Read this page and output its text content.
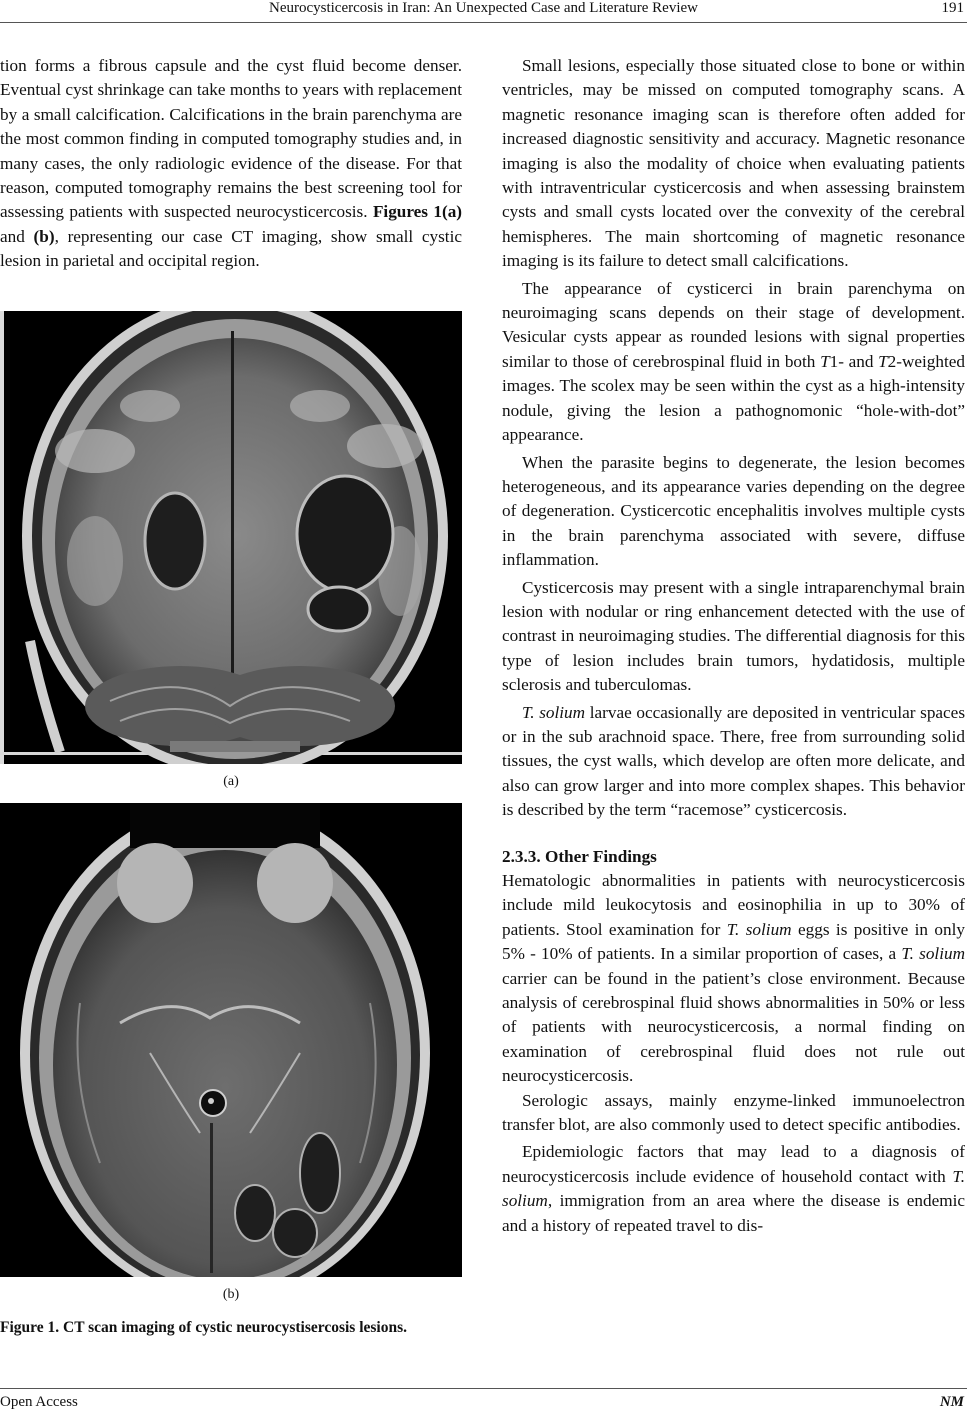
Neurocysticercosis in Iran: An Unexpected Case and Literature Review	191

tion forms a fibrous capsule and the cyst fluid become denser. Eventual cyst shrinkage can take months to years with replacement by a small calcification. Calcifications in the brain parenchyma are the most common finding in computed tomography studies and, in many cases, the only radiologic evidence of the disease. For that reason, computed tomography remains the best screening tool for assessing patients with suspected neurocysticercosis. Figures 1(a) and (b), representing our case CT imaging, show small cystic lesion in parietal and occipital region.

(a)
(b)
Figure 1. CT scan imaging of cystic neurocystisercosis lesions.

Small lesions, especially those situated close to bone or within ventricles, may be missed on computed tomography scans. A magnetic resonance imaging scan is therefore often added for increased diagnostic sensitivity and accuracy. Magnetic resonance imaging is also the modality of choice when evaluating patients with intraventricular cysticercosis and when assessing brainstem cysts and small cysts located over the convexity of the cerebral hemispheres. The main shortcoming of magnetic resonance imaging is its failure to detect small calcifications.

The appearance of cysticerci in brain parenchyma on neuroimaging scans depends on their stage of development. Vesicular cysts appear as rounded lesions with signal properties similar to those of cerebrospinal fluid in both T1- and T2-weighted images. The scolex may be seen within the cyst as a high-intensity nodule, giving the lesion a pathognomonic “hole-with-dot” appearance.

When the parasite begins to degenerate, the lesion becomes heterogeneous, and its appearance varies depending on the degree of degeneration. Cysticercotic encephalitis involves multiple cysts in the brain parenchyma associated with severe, diffuse inflammation.

Cysticercosis may present with a single intraparenchymal brain lesion with nodular or ring enhancement detected with the use of contrast in neuroimaging studies. The differential diagnosis for this type of lesion includes brain tumors, hydatidosis, multiple sclerosis and tuberculomas.

T. solium larvae occasionally are deposited in ventricular spaces or in the sub arachnoid space. There, free from surrounding solid tissues, the cyst walls, which develop are often more delicate, and also can grow larger and into more complex shapes. This behavior is described by the term “racemose” cysticercosis.

2.3.3. Other Findings

Hematologic abnormalities in patients with neurocysticercosis include mild leukocytosis and eosinophilia in up to 30% of patients. Stool examination for T. solium eggs is positive in only 5% - 10% of patients. In a similar proportion of cases, a T. solium carrier can be found in the patient’s close environment. Because analysis of cerebrospinal fluid shows abnormalities in 50% or less of patients with neurocysticercosis, a normal finding on examination of cerebrospinal fluid does not rule out neurocysticercosis.

Serologic assays, mainly enzyme-linked immunoelectron transfer blot, are also commonly used to detect specific antibodies.

Epidemiologic factors that may lead to a diagnosis of neurocysticercosis include evidence of household contact with T. solium, immigration from an area where the disease is endemic and a history of repeated travel to dis-

Open Access	NM
